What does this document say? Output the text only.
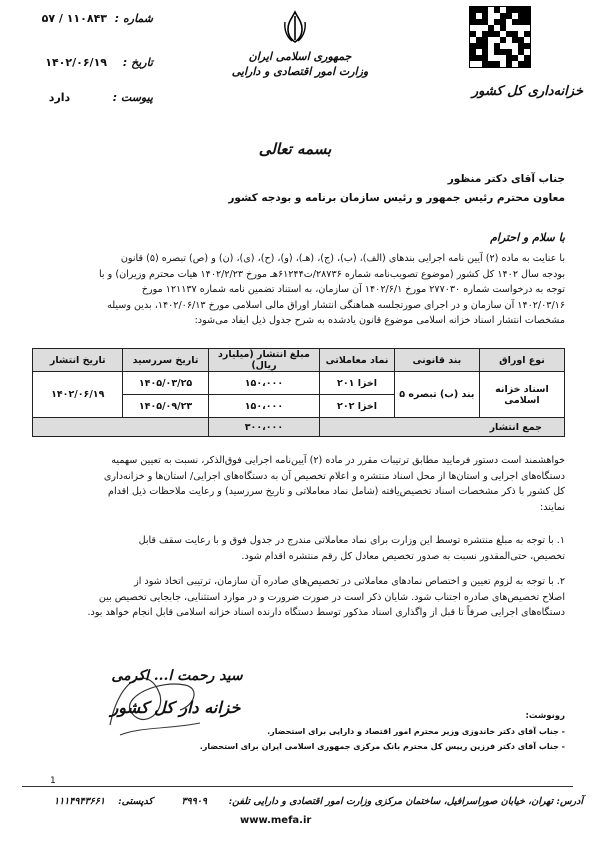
خزانه‌داری کل کشور
جمهوری اسلامی ایران
وزارت امور اقتصادی و دارایی
شماره :
۵۷ / ۱۱۰۸۴۳
تاریخ :
۱۴۰۲/۰۶/۱۹
پیوست :
دارد
بسمه تعالی
جناب آقای دکتر منظور
معاون محترم رئیس جمهور و رئیس سازمان برنامه و بودجه کشور
با سلام و احترام
با عنایت به ماده (۲) آیین نامه اجرایی بندهای (الف)، (ب)، (ج)، (هـ)، (و)، (ح)، (ی)، (ن) و (ص) تبصره (۵) قانون
بودجه سال ۱۴۰۲ کل کشور (موضوع تصویب‌نامه شماره ۲۸۷۳۶/ت۶۱۲۴۴هـ مورخ ۱۴۰۲/۲/۲۳ هیات محترم وزیران) و با
توجه به درخواست شماره ۲۷۷۰۳۰ مورخ ۱۴۰۲/۶/۱ آن سازمان، به استناد تضمین نامه شماره ۱۲۱۱۳۷ مورخ
۱۴۰۲/۰۳/۱۶ آن سازمان و در اجرای صورتجلسه هماهنگی انتشار اوراق مالی اسلامی مورخ ۱۴۰۲/۰۶/۱۳، بدین وسیله
مشخصات انتشار اسناد خزانه اسلامی موضوع قانون یادشده به شرح جدول ذیل ایفاد می‌شود:
نوع اوراق	بند قانونی	نماد معاملاتی	مبلغ انتشار (میلیارد ریال)	تاریخ سررسید	تاریخ انتشار
اسناد خزانه اسلامی	بند (ب) تبصره ۵	اخزا ۲۰۱	۱۵۰،۰۰۰	۱۴۰۵/۰۳/۲۵	۱۴۰۲/۰۶/۱۹
		اخزا ۲۰۲	۱۵۰،۰۰۰	۱۴۰۵/۰۹/۲۳	
جمع انتشار			۳۰۰،۰۰۰		
خواهشمند است دستور فرمایید مطابق ترتیبات مقرر در ماده (۲) آیین‌نامه اجرایی فوق‌الذکر، نسبت به تعیین سهمیه
دستگاه‌های اجرایی و استان‌ها از محل اسناد منتشره و اعلام تخصیص آن به دستگاه‌های اجرایی/ استان‌ها و خزانه‌داری
کل کشور با ذکر مشخصات اسناد تخصیص‌یافته (شامل نماد معاملاتی و تاریخ سررسید) و رعایت ملاحظات ذیل اقدام
نمایند:
۱. با توجه به مبلغ منتشره توسط این وزارت برای نماد معاملاتی مندرج در جدول فوق و با رعایت سقف قابل
تخصیص، حتی‌المقدور نسبت به صدور تخصیص معادل کل رقم منتشره اقدام شود.
۲. با توجه به لزوم تعیین و اختصاص نمادهای معاملاتی در تخصیص‌های صادره آن سازمان، ترتیبی اتخاذ شود از
اصلاح تخصیص‌های صادره اجتناب شود. شایان ذکر است در صورت ضرورت و در موارد استثنایی، جابجایی تخصیص بین
دستگاه‌های اجرایی صرفاً تا قبل از واگذاری اسناد مذکور توسط دستگاه دارنده اسناد خزانه اسلامی قابل انجام خواهد بود.
سید رحمت ا... اکرمی
خزانه دار کل کشور	رونوشت:
- جناب آقای دکتر خاندوزی وزیر محترم امور اقتصاد و دارایی برای استحضار.
- جناب آقای دکتر فرزین رییس کل محترم بانک مرکزی جمهوری اسلامی ایران برای استحضار.
1
آدرس: تهران، خیابان صوراسرافیل، ساختمان مرکزی وزارت امور اقتصادی و دارایی
تلفن:
۳۹۹۰۹
کدپستی:
۱۱۱۴۹۴۳۶۶۱
www.mefa.ir
